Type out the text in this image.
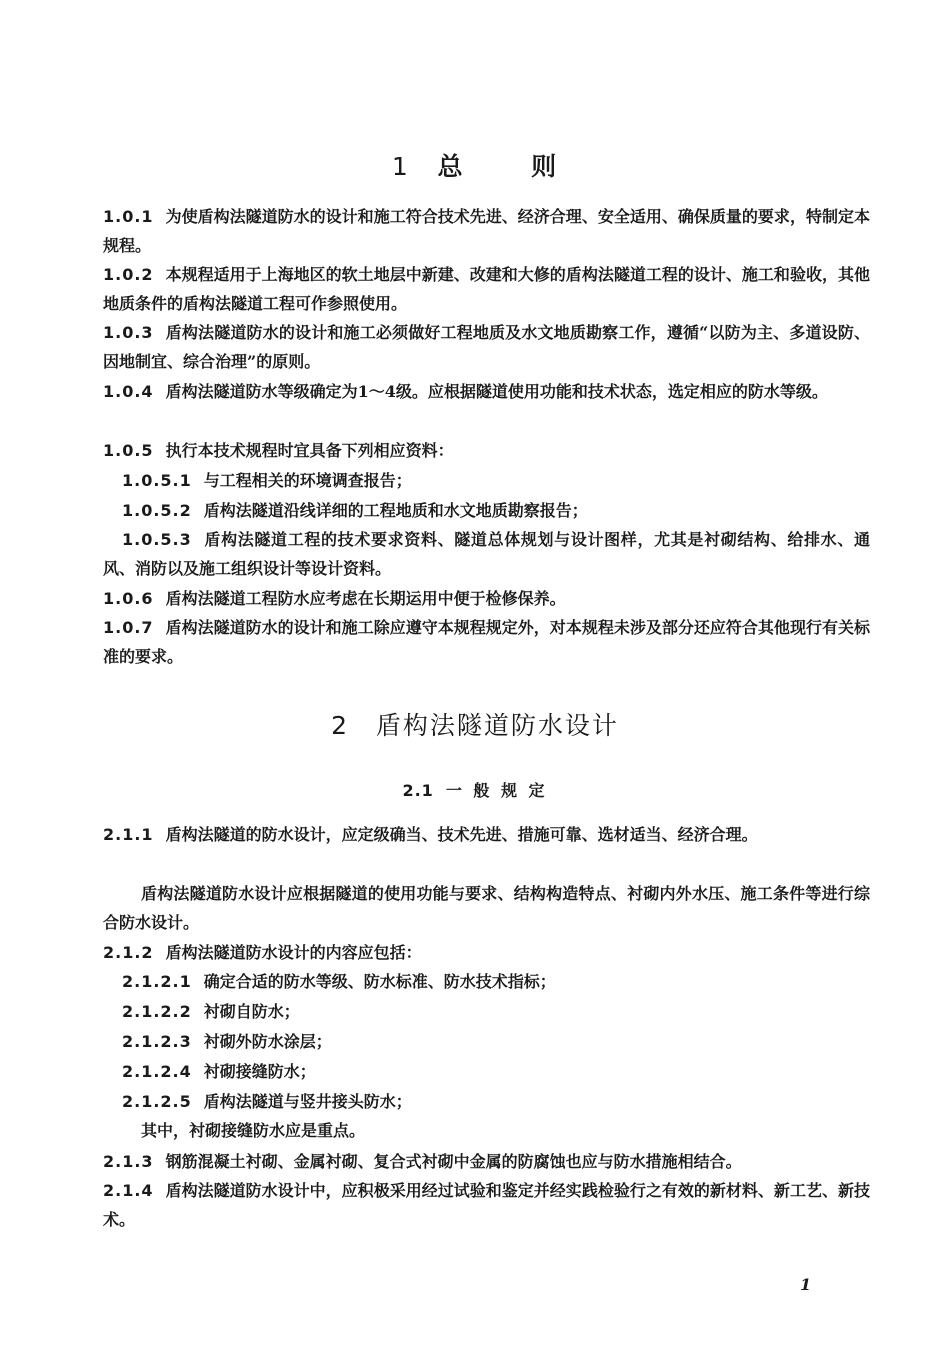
1 总	则
1.0.1 为使盾构法隧道防水的设计和施工符合技术先进、经济合理、安全适用、确保质量的要求，特制定本规程。
1.0.2 本规程适用于上海地区的软土地层中新建、改建和大修的盾构法隧道工程的设计、施工和验收，其他地质条件的盾构法隧道工程可作参照使用。
1.0.3 盾构法隧道防水的设计和施工必须做好工程地质及水文地质勘察工作，遵循“以防为主、多道设防、因地制宜、综合治理”的原则。
1.0.4 盾构法隧道防水等级确定为1～4级。应根据隧道使用功能和技术状态，选定相应的防水等级。
1.0.5 执行本技术规程时宜具备下列相应资料：
1.0.5.1 与工程相关的环境调查报告；
1.0.5.2 盾构法隧道沿线详细的工程地质和水文地质勘察报告；
1.0.5.3 盾构法隧道工程的技术要求资料、隧道总体规划与设计图样，尤其是衬砌结构、给排水、通风、消防以及施工组织设计等设计资料。
1.0.6 盾构法隧道工程防水应考虑在长期运用中便于检修保养。
1.0.7 盾构法隧道防水的设计和施工除应遵守本规程规定外，对本规程未涉及部分还应符合其他现行有关标准的要求。
2 盾构法隧道防水设计
2.1 一 般 规 定
2.1.1 盾构法隧道的防水设计，应定级确当、技术先进、措施可靠、选材适当、经济合理。
盾构法隧道防水设计应根据隧道的使用功能与要求、结构构造特点、衬砌内外水压、施工条件等进行综合防水设计。
2.1.2 盾构法隧道防水设计的内容应包括：
2.1.2.1 确定合适的防水等级、防水标准、防水技术指标；
2.1.2.2 衬砌自防水；
2.1.2.3 衬砌外防水涂层；
2.1.2.4 衬砌接缝防水；
2.1.2.5 盾构法隧道与竖井接头防水；
其中，衬砌接缝防水应是重点。
2.1.3 钢筋混凝土衬砌、金属衬砌、复合式衬砌中金属的防腐蚀也应与防水措施相结合。
2.1.4 盾构法隧道防水设计中，应积极采用经过试验和鉴定并经实践检验行之有效的新材料、新工艺、新技术。
1
